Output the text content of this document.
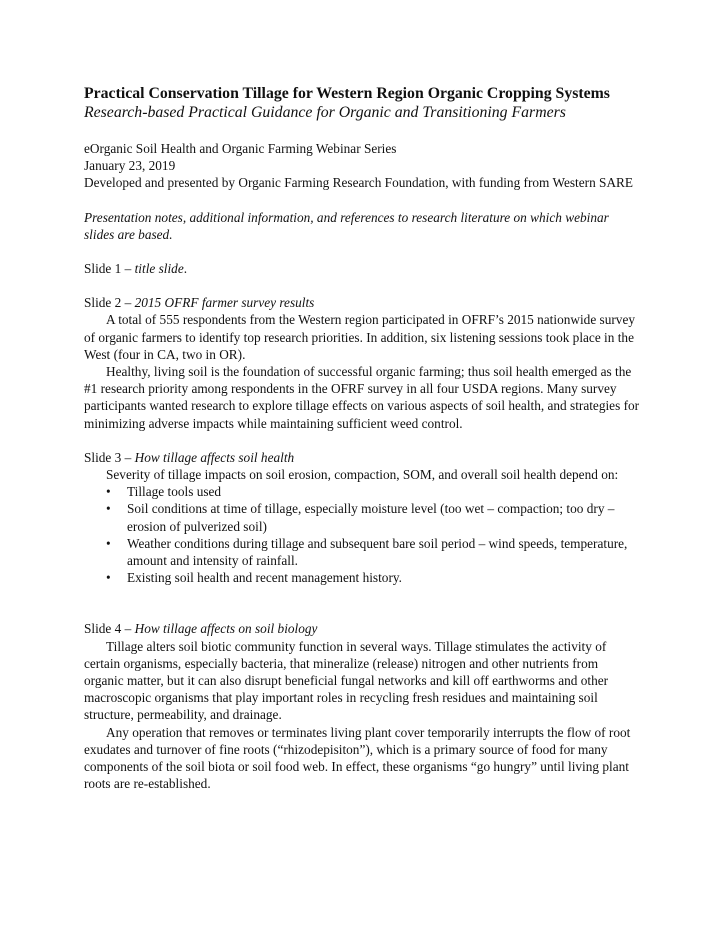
Practical Conservation Tillage for Western Region Organic Cropping Systems

Research-based Practical Guidance for Organic and Transitioning Farmers

eOrganic Soil Health and Organic Farming Webinar Series

January 23, 2019

Developed and presented by Organic Farming Research Foundation, with funding from Western SARE

Presentation notes, additional information, and references to research literature on which webinar slides are based.

Slide 1 – title slide.

Slide 2 – 2015 OFRF farmer survey results

A total of 555 respondents from the Western region participated in OFRF’s 2015 nationwide survey of organic farmers to identify top research priorities. In addition, six listening sessions took place in the West (four in CA, two in OR).

Healthy, living soil is the foundation of successful organic farming; thus soil health emerged as the #1 research priority among respondents in the OFRF survey in all four USDA regions. Many survey participants wanted research to explore tillage effects on various aspects of soil health, and strategies for minimizing adverse impacts while maintaining sufficient weed control.

Slide 3 – How tillage affects soil health

Severity of tillage impacts on soil erosion, compaction, SOM, and overall soil health depend on:

• Tillage tools used
• Soil conditions at time of tillage, especially moisture level (too wet – compaction; too dry – erosion of pulverized soil)
• Weather conditions during tillage and subsequent bare soil period – wind speeds, temperature, amount and intensity of rainfall.
• Existing soil health and recent management history.

Slide 4 – How tillage affects on soil biology

Tillage alters soil biotic community function in several ways. Tillage stimulates the activity of certain organisms, especially bacteria, that mineralize (release) nitrogen and other nutrients from organic matter, but it can also disrupt beneficial fungal networks and kill off earthworms and other macroscopic organisms that play important roles in recycling fresh residues and maintaining soil structure, permeability, and drainage.

Any operation that removes or terminates living plant cover temporarily interrupts the flow of root exudates and turnover of fine roots (“rhizodepisiton”), which is a primary source of food for many components of the soil biota or soil food web. In effect, these organisms “go hungry” until living plant roots are re-established.
